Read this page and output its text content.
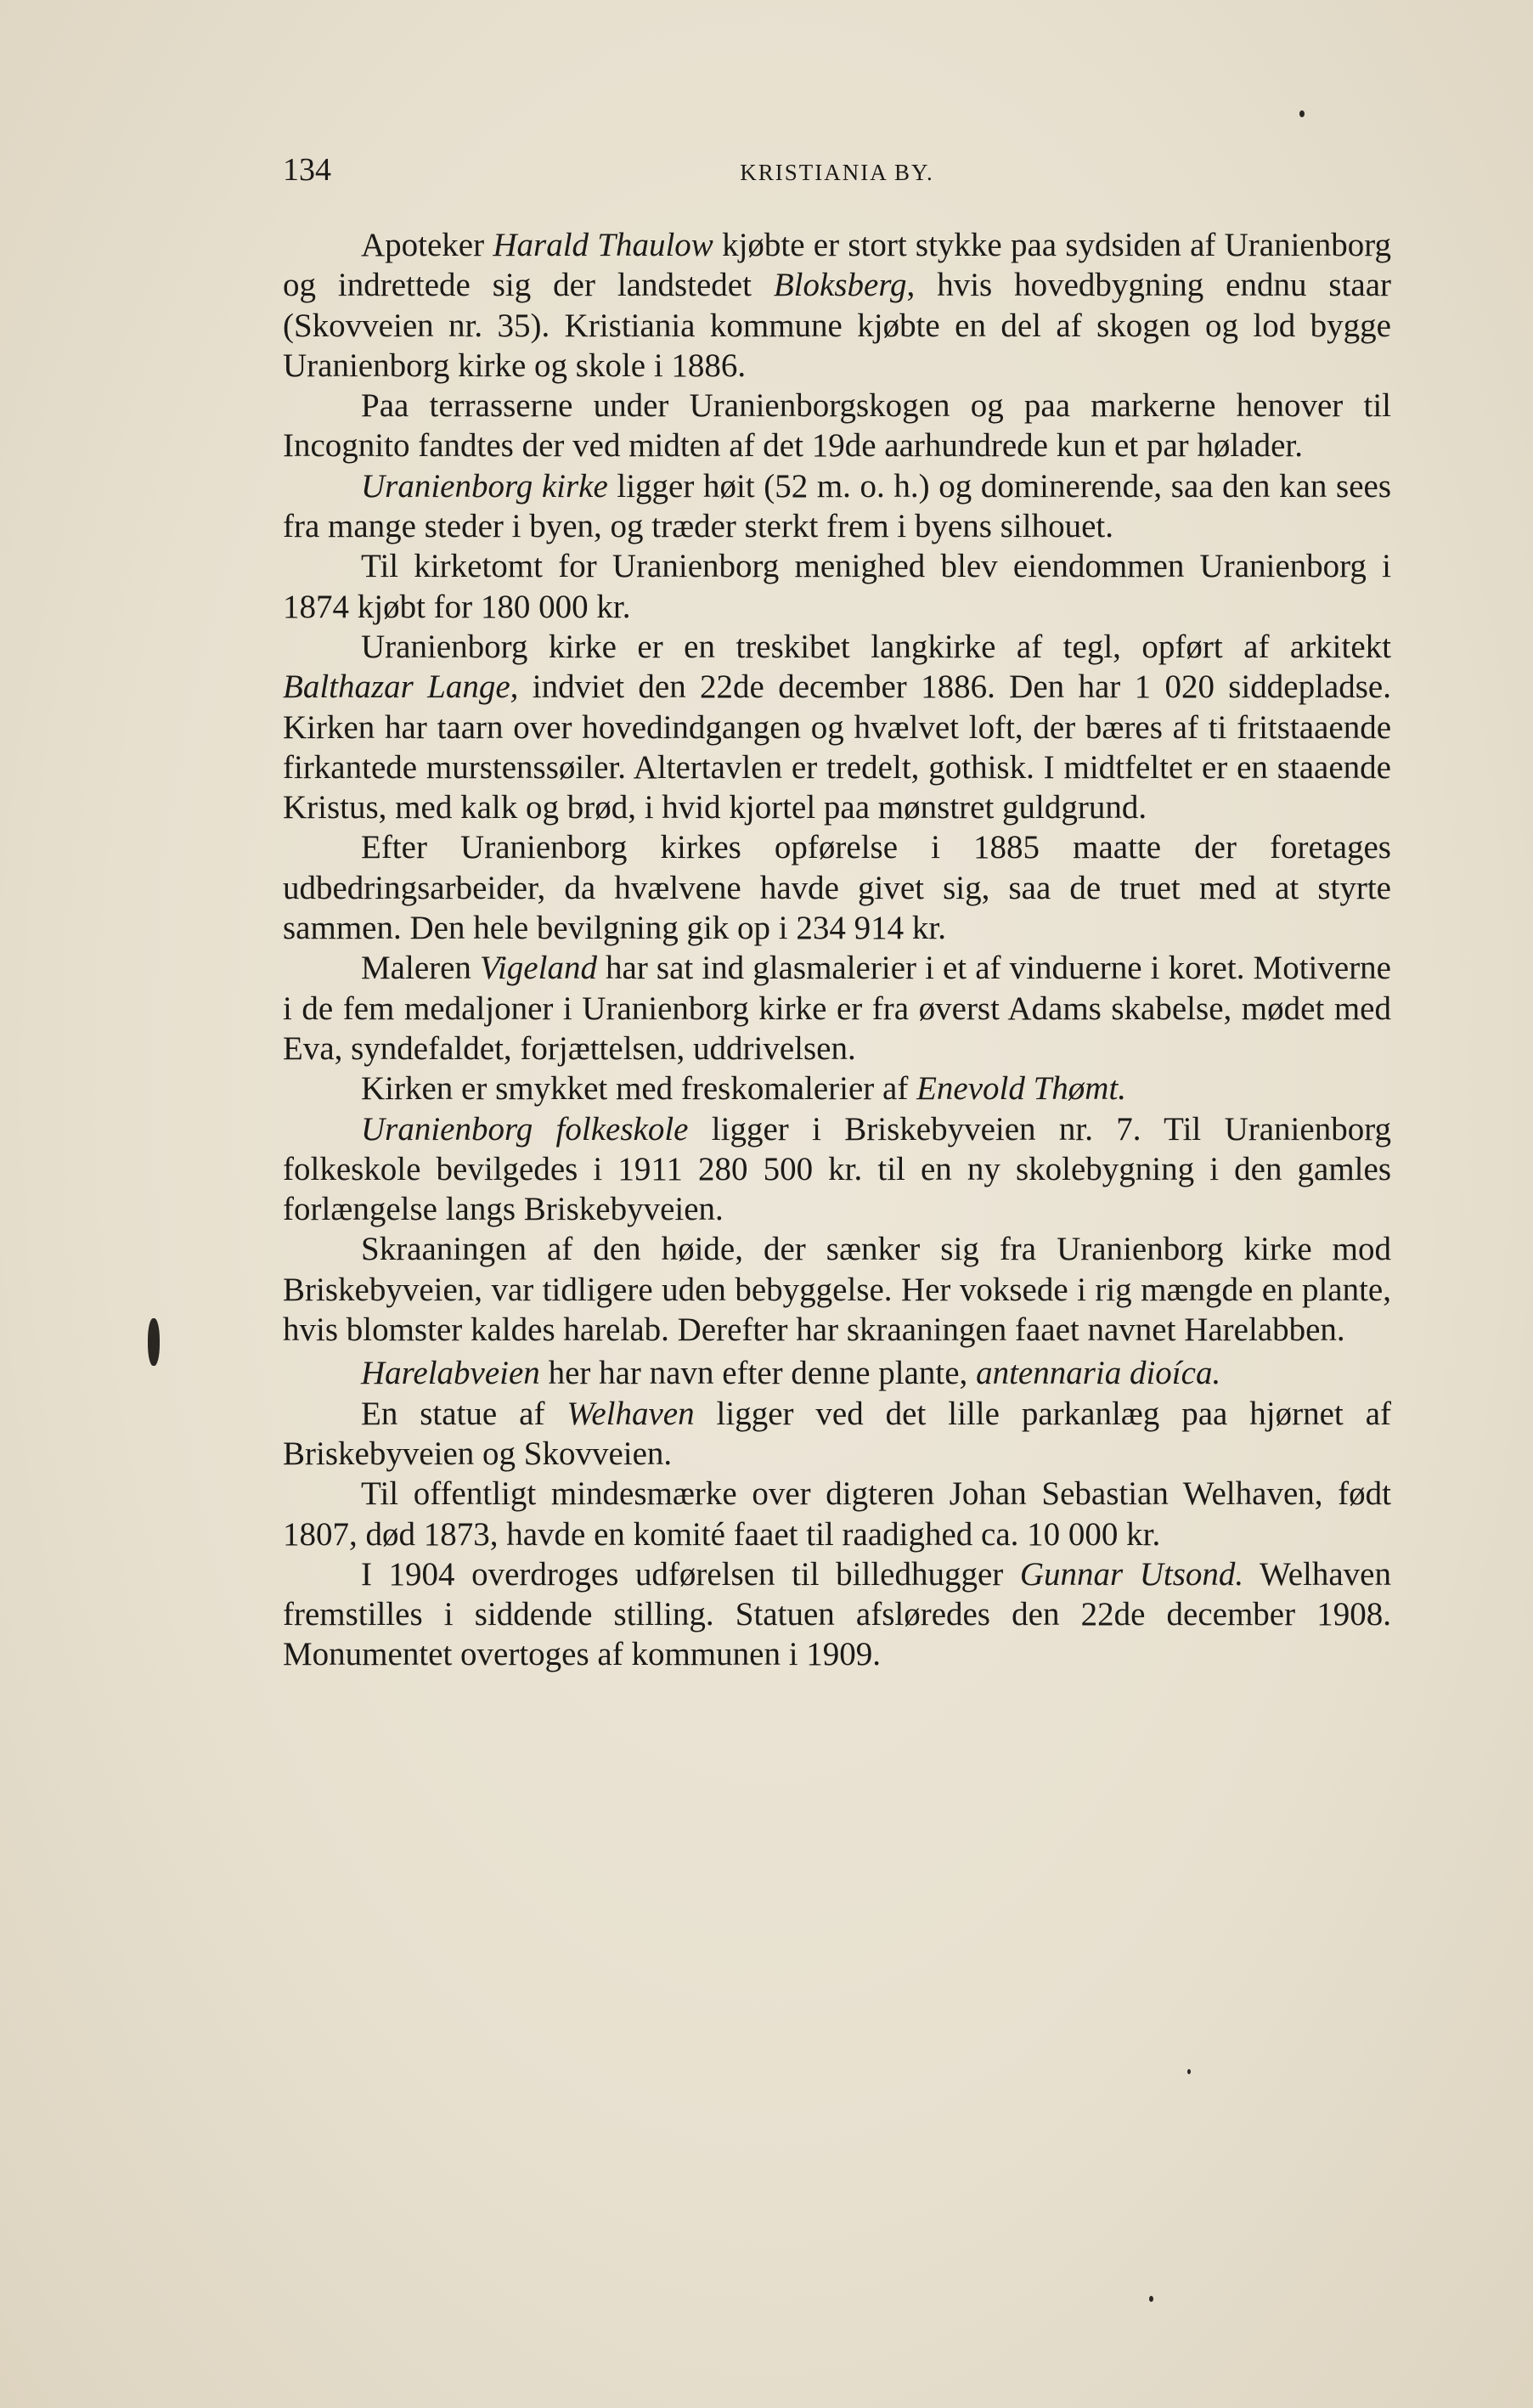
134	KRISTIANIA BY.

Apoteker Harald Thaulow kjøbte er stort stykke paa sydsiden af Uranienborg og indrettede sig der landstedet Bloksberg, hvis hovedbygning endnu staar (Skovveien nr. 35). Kristiania kommune kjøbte en del af skogen og lod bygge Uranienborg kirke og skole i 1886.

Paa terrasserne under Uranienborgskogen og paa markerne henover til Incognito fandtes der ved midten af det 19de aarhundrede kun et par hølader.

Uranienborg kirke ligger høit (52 m. o. h.) og dominerende, saa den kan sees fra mange steder i byen, og træder sterkt frem i byens silhouet.

Til kirketomt for Uranienborg menighed blev eiendommen Uranienborg i 1874 kjøbt for 180 000 kr.

Uranienborg kirke er en treskibet langkirke af tegl, opført af arkitekt Balthazar Lange, indviet den 22de december 1886. Den har 1 020 siddepladse. Kirken har taarn over hovedindgangen og hvælvet loft, der bæres af ti fritstaaende firkantede murstenssøiler. Altertavlen er tredelt, gothisk. I midtfeltet er en staaende Kristus, med kalk og brød, i hvid kjortel paa mønstret guldgrund.

Efter Uranienborg kirkes opførelse i 1885 maatte der foretages udbedringsarbeider, da hvælvene havde givet sig, saa de truet med at styrte sammen. Den hele bevilgning gik op i 234 914 kr.

Maleren Vigeland har sat ind glasmalerier i et af vinduerne i koret. Motiverne i de fem medaljoner i Uranienborg kirke er fra øverst Adams skabelse, mødet med Eva, syndefaldet, forjættelsen, uddrivelsen.

Kirken er smykket med freskomalerier af Enevold Thømt.

Uranienborg folkeskole ligger i Briskebyveien nr. 7. Til Uranienborg folkeskole bevilgedes i 1911 280 500 kr. til en ny skolebygning i den gamles forlængelse langs Briskebyveien.

Skraaningen af den høide, der sænker sig fra Uranienborg kirke mod Briskebyveien, var tidligere uden bebyggelse. Her voksede i rig mængde en plante, hvis blomster kaldes harelab. Derefter har skraaningen faaet navnet Harelabben.

Harelabveien her har navn efter denne plante, antennaria dioíca.

En statue af Welhaven ligger ved det lille parkanlæg paa hjørnet af Briskebyveien og Skovveien.

Til offentligt mindesmærke over digteren Johan Sebastian Welhaven, født 1807, død 1873, havde en komité faaet til raadighed ca. 10 000 kr.

I 1904 overdroges udførelsen til billedhugger Gunnar Utsond. Welhaven fremstilles i siddende stilling. Statuen afsløredes den 22de december 1908. Monumentet overtoges af kommunen i 1909.
